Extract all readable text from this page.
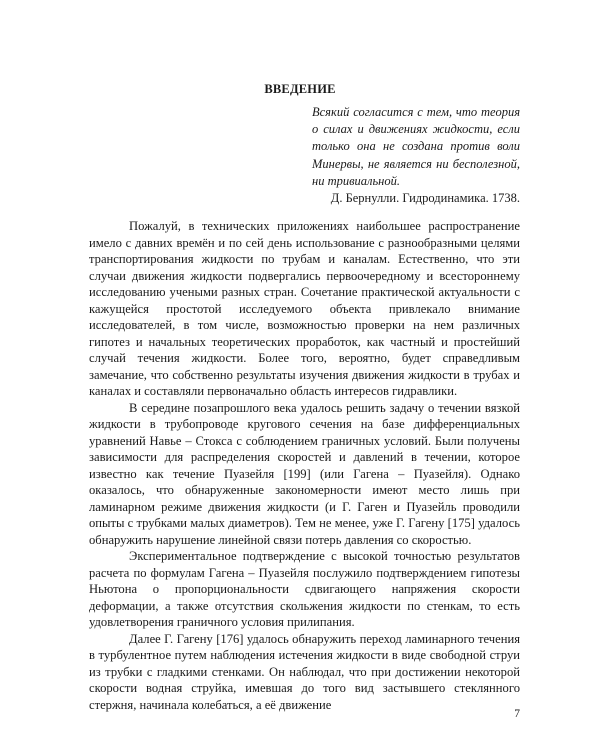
ВВЕДЕНИЕ
Всякий согласится с тем, что теория о силах и движениях жидкости, если только она не создана против воли Минервы, не является ни бесполезной, ни тривиальной.
Д. Бернулли. Гидродинамика. 1738.

Пожалуй, в технических приложениях наибольшее распространение имело с давних времён и по сей день использование с разнообразными целями транспортирования жидкости по трубам и каналам. Естественно, что эти случаи движения жидкости подвергались первоочередному и всестороннему исследованию учеными разных стран. Сочетание практической актуальности с кажущейся простотой исследуемого объекта привлекало внимание исследователей, в том числе, возможностью проверки на нем различных гипотез и начальных теоретических проработок, как частный и простейший случай течения жидкости. Более того, вероятно, будет справедливым замечание, что собственно результаты изучения движения жидкости в трубах и каналах и составляли первоначально область интересов гидравлики.

В середине позапрошлого века удалось решить задачу о течении вязкой жидкости в трубопроводе кругового сечения на базе дифференциальных уравнений Навье – Стокса с соблюдением граничных условий. Были получены зависимости для распределения скоростей и давлений в течении, которое известно как течение Пуазейля [199] (или Гагена – Пуазейля). Однако оказалось, что обнаруженные закономерности имеют место лишь при ламинарном режиме движения жидкости (и Г. Гаген и Пуазейль проводили опыты с трубками малых диаметров). Тем не менее, уже Г. Гагену [175] удалось обнаружить нарушение линейной связи потерь давления со скоростью.

Экспериментальное подтверждение с высокой точностью результатов расчета по формулам Гагена – Пуазейля послужило подтверждением гипотезы Ньютона о пропорциональности сдвигающего напряжения скорости деформации, а также отсутствия скольжения жидкости по стенкам, то есть удовлетворения граничного условия прилипания.

Далее Г. Гагену [176] удалось обнаружить переход ламинарного течения в турбулентное путем наблюдения истечения жидкости в виде свободной струи из трубки с гладкими стенками. Он наблюдал, что при достижении некоторой скорости водная струйка, имевшая до того вид застывшего стеклянного стержня, начинала колебаться, а её движение

7
